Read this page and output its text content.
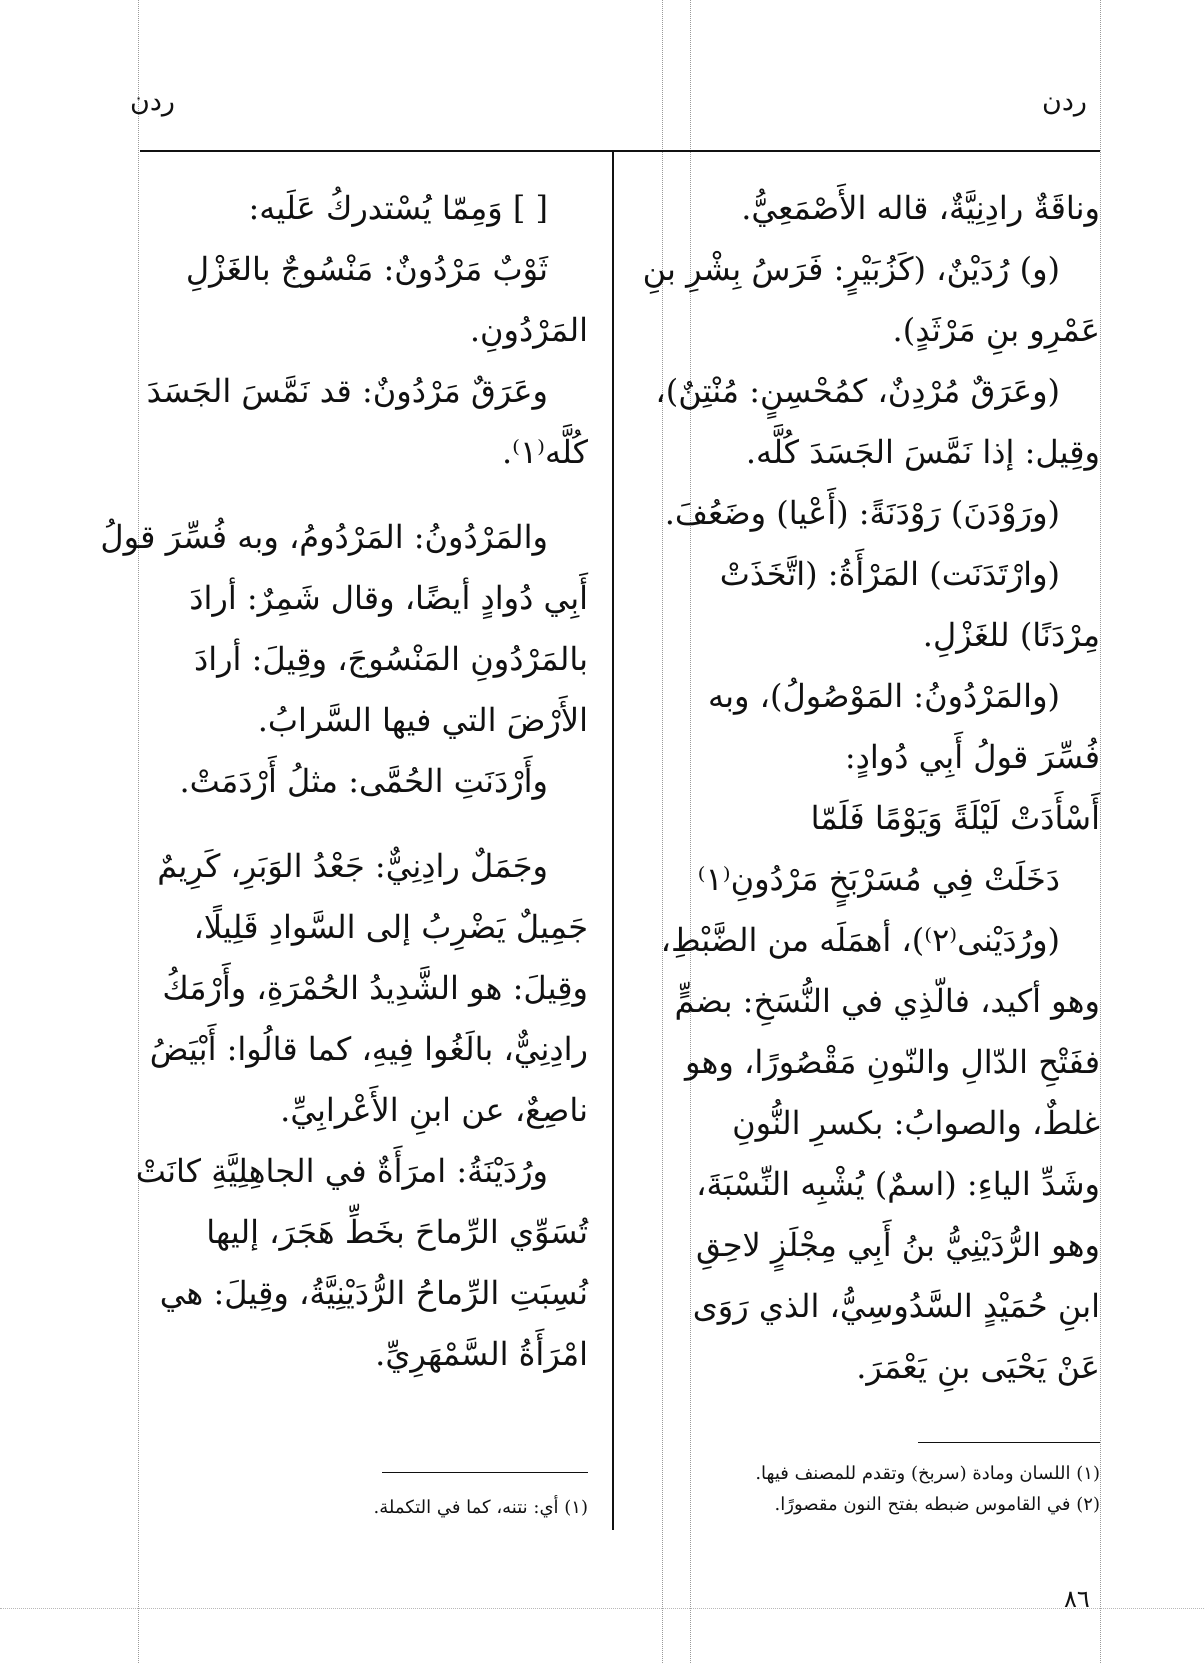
ردن	ردن
وناقَةٌ رادِنِيَّةٌ، قاله الأَصْمَعِيُّ.
(و) رُدَيْنٌ، (كَزُبَيْرٍ: فَرَسُ بِشْرِ بنِ
عَمْرِو بنِ مَرْثَدٍ).
(وعَرَقٌ مُرْدِنٌ، كمُحْسِنٍ: مُنْتِنٌ)،
وقِيل: إذا نَمَّسَ الجَسَدَ كُلَّه.
(ورَوْدَنَ) رَوْدَنَةً: (أَعْيا) وضَعُفَ.
(وارْتَدَنَت) المَرْأَةُ: (اتَّخَذَتْ
مِرْدَنًا) للغَزْلِ.
(والمَرْدُونُ: المَوْصُولُ)، وبه
فُسِّرَ قولُ أَبِي دُوادٍ:
أَسْأَدَتْ لَيْلَةً وَيَوْمًا فَلَمّا
دَخَلَتْ فِي مُسَرْبَخٍ مَرْدُونِ⁽١⁾
(ورُدَيْنى⁽٢⁾)، أهمَلَه من الضَّبْطِ،
وهو أكيد، فالّذِي في النُّسَخِ: بضمٍّ
ففَتْحِ الدّالِ والنّونِ مَقْصُورًا، وهو
غلطٌ، والصوابُ: بكسرِ النُّونِ
وشَدِّ الياءِ: (اسمٌ) يُشْبِه النِّسْبَةَ،
وهو الرُّدَيْنِيُّ بنُ أَبِي مِجْلَزٍ لاحِقِ
ابنِ حُمَيْدٍ السَّدُوسِيُّ، الذي رَوَى
عَنْ يَحْيَى بنِ يَعْمَرَ.
(١) اللسان ومادة (سربخ) وتقدم للمصنف فيها.
(٢) في القاموس ضبطه بفتح النون مقصورًا.
[ ] وَمِمّا يُسْتدركُ عَلَيه:
ثَوْبٌ مَرْدُونٌ: مَنْسُوجٌ بالغَزْلِ
المَرْدُونِ.
وعَرَقٌ مَرْدُونٌ: قد نَمَّسَ الجَسَدَ
كُلَّه⁽١⁾.
والمَرْدُونُ: المَرْدُومُ، وبه فُسِّرَ قولُ
أَبِي دُوادٍ أيضًا، وقال شَمِرٌ: أرادَ
بالمَرْدُونِ المَنْسُوجَ، وقِيلَ: أرادَ
الأَرْضَ التي فيها السَّرابُ.
وأَرْدَنَتِ الحُمَّى: مثلُ أَرْدَمَتْ.
وجَمَلٌ رادِنِيٌّ: جَعْدُ الوَبَرِ، كَرِيمٌ
جَمِيلٌ يَضْرِبُ إلى السَّوادِ قَلِيلًا،
وقِيلَ: هو الشَّدِيدُ الحُمْرَةِ، وأَرْمَكُ
رادِنِيٌّ، بالَغُوا فِيهِ، كما قالُوا: أَبْيَضُ
ناصِعٌ، عن ابنِ الأَعْرابِيِّ.
ورُدَيْنَةُ: امرَأَةٌ في الجاهِلِيَّةِ كانَتْ
تُسَوِّي الرِّماحَ بخَطِّ هَجَرَ، إليها
نُسِبَتِ الرِّماحُ الرُّدَيْنِيَّةُ، وقِيلَ: هي
امْرَأَةُ السَّمْهَرِيِّ.
(١) أي: نتنه، كما في التكملة.
٨٦
